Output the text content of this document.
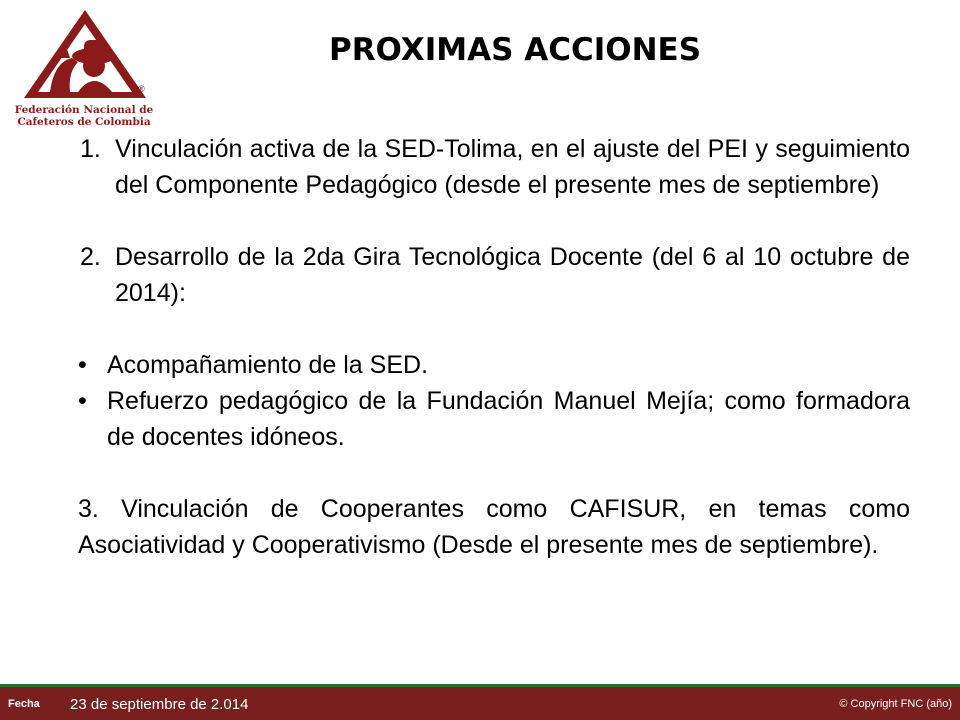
®
Federación Nacional de
Cafeteros de Colombia
PROXIMAS ACCIONES
1. Vinculación activa de la SED-Tolima, en el ajuste del PEI y seguimiento del Componente Pedagógico (desde el presente mes de septiembre)
2. Desarrollo de la 2da Gira Tecnológica Docente (del 6 al 10 octubre de 2014):
• Acompañamiento de la SED.
• Refuerzo pedagógico de la Fundación Manuel Mejía; como formadora de docentes idóneos.
3. Vinculación de Cooperantes como CAFISUR, en temas como Asociatividad y Cooperativismo (Desde el presente mes de septiembre).
Fecha 23 de septiembre de 2.014	© Copyright FNC (año)
